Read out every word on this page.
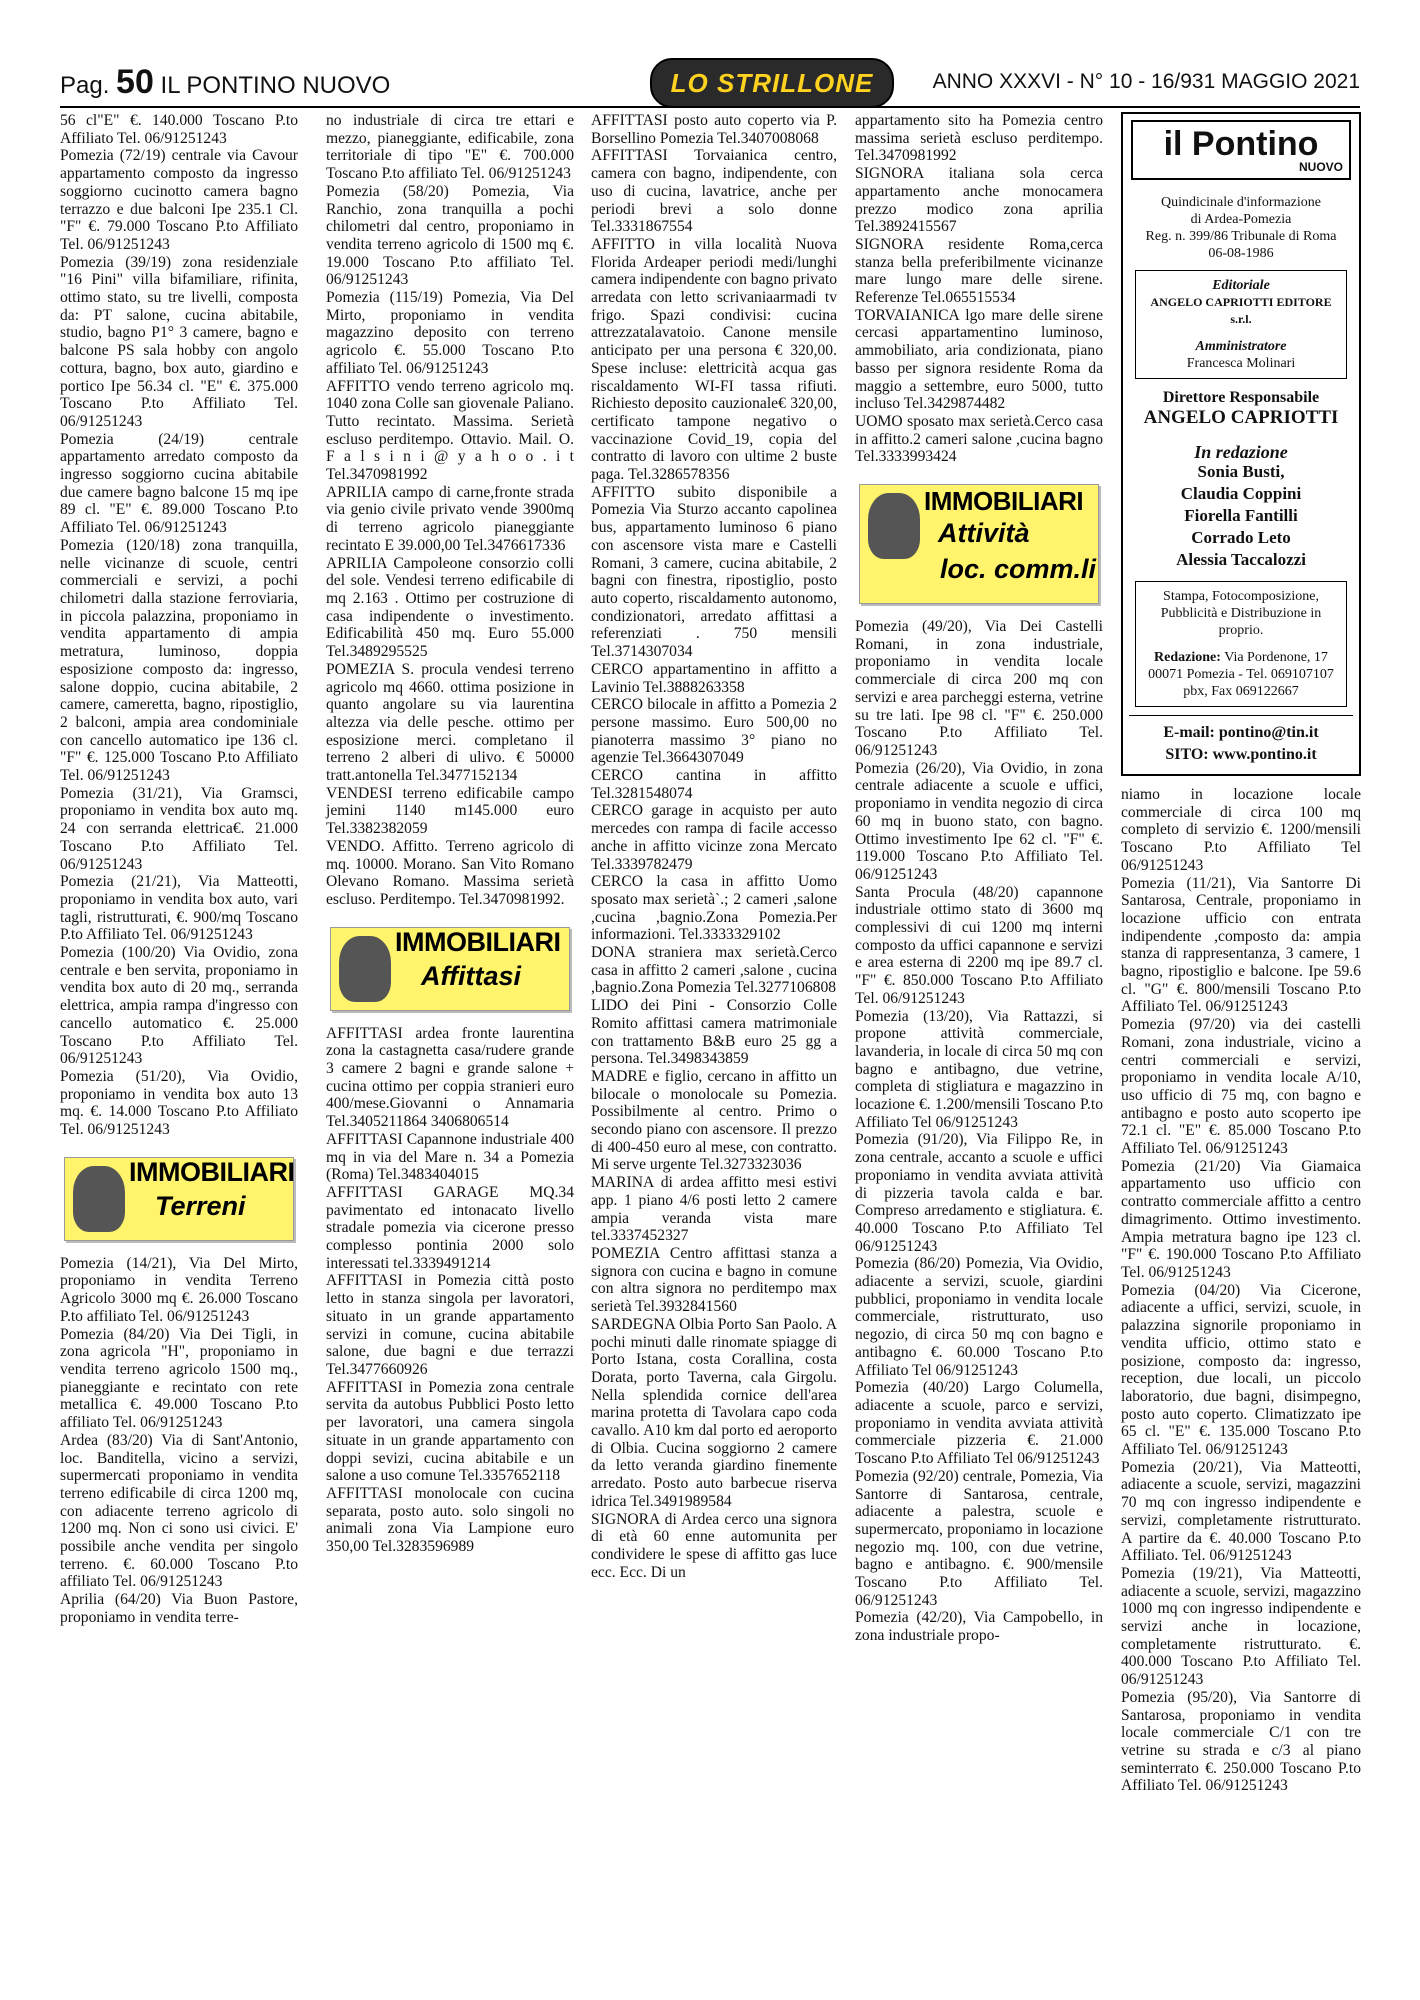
Pag. 50 IL PONTINO NUOVO	LO STRILLONE	ANNO XXXVI - N° 10 - 16/931 MAGGIO 2021

56 cl"E" €. 140.000 Toscano P.to Affiliato Tel. 06/91251243

Pomezia (72/19) centrale via Cavour appartamento composto da ingresso soggiorno cucinotto camera bagno terrazzo e due balconi Ipe 235.1 Cl. "F" €. 79.000 Toscano P.to Affiliato Tel. 06/91251243

Pomezia (39/19) zona residenziale "16 Pini" villa bifamiliare, rifinita, ottimo stato, su tre livelli, composta da: PT salone, cucina abitabile, studio, bagno P1° 3 camere, bagno e balcone PS sala hobby con angolo cottura, bagno, box auto, giardino e portico Ipe 56.34 cl. "E" €. 375.000 Toscano P.to Affiliato Tel. 06/91251243

Pomezia (24/19) centrale appartamento arredato composto da ingresso soggiorno cucina abitabile due camere bagno balcone 15 mq ipe 89 cl. "E" €. 89.000 Toscano P.to Affiliato Tel. 06/91251243

Pomezia (120/18) zona tranquilla, nelle vicinanze di scuole, centri commerciali e servizi, a pochi chilometri dalla stazione ferroviaria, in piccola palazzina, proponiamo in vendita appartamento di ampia metratura, luminoso, doppia esposizione composto da: ingresso, salone doppio, cucina abitabile, 2 camere, cameretta, bagno, ripostiglio, 2 balconi, ampia area condominiale con cancello automatico ipe 136 cl. "F" €. 125.000 Toscano P.to Affiliato Tel. 06/91251243

Pomezia (31/21), Via Gramsci, proponiamo in vendita box auto mq. 24 con serranda elettrica€. 21.000 Toscano P.to Affiliato Tel. 06/91251243

Pomezia (21/21), Via Matteotti, proponiamo in vendita box auto, vari tagli, ristrutturati, €. 900/mq Toscano P.to Affiliato Tel. 06/91251243

Pomezia (100/20) Via Ovidio, zona centrale e ben servita, proponiamo in vendita box auto di 20 mq., serranda elettrica, ampia rampa d'ingresso con cancello automatico €. 25.000 Toscano P.to Affiliato Tel. 06/91251243

Pomezia (51/20), Via Ovidio, proponiamo in vendita box auto 13 mq. €. 14.000 Toscano P.to Affiliato Tel. 06/91251243

IMMOBILIARI
Terreni

Pomezia (14/21), Via Del Mirto, proponiamo in vendita Terreno Agricolo 3000 mq €. 26.000 Toscano P.to affiliato Tel. 06/91251243

Pomezia (84/20) Via Dei Tigli, in zona agricola "H", proponiamo in vendita terreno agricolo 1500 mq., pianeggiante e recintato con rete metallica €. 49.000 Toscano P.to affiliato Tel. 06/91251243

Ardea (83/20) Via di Sant'Antonio, loc. Banditella, vicino a servizi, supermercati proponiamo in vendita terreno edificabile di circa 1200 mq, con adiacente terreno agricolo di 1200 mq. Non ci sono usi civici. E' possibile anche vendita per singolo terreno. €. 60.000 Toscano P.to affiliato Tel. 06/91251243

Aprilia (64/20) Via Buon Pastore, proponiamo in vendita terre-

no industriale di circa tre ettari e mezzo, pianeggiante, edificabile, zona territoriale di tipo "E" €. 700.000 Toscano P.to affiliato Tel. 06/91251243

Pomezia (58/20) Pomezia, Via Ranchio, zona tranquilla a pochi chilometri dal centro, proponiamo in vendita terreno agricolo di 1500 mq €. 19.000 Toscano P.to affiliato Tel. 06/91251243

Pomezia (115/19) Pomezia, Via Del Mirto, proponiamo in vendita magazzino deposito con terreno agricolo €. 55.000 Toscano P.to affiliato Tel. 06/91251243

AFFITTO vendo terreno agricolo mq. 1040 zona Colle san giovenale Paliano. Tutto recintato. Massima. Serietà escluso perditempo. Ottavio. Mail. O. F a l s i n i @ y a h o o . i t Tel.3470981992

APRILIA campo di carne,fronte strada via genio civile privato vende 3900mq di terreno agricolo pianeggiante recintato E 39.000,00 Tel.3476617336

APRILIA Campoleone consorzio colli del sole. Vendesi terreno edificabile di mq 2.163 . Ottimo per costruzione di casa indipendente o investimento. Edificabilità 450 mq. Euro 55.000 Tel.3489295525

POMEZIA S. procula vendesi terreno agricolo mq 4660. ottima posizione in quanto angolare su via laurentina altezza via delle pesche. ottimo per esposizione merci. completano il terreno 2 alberi di ulivo. € 50000 tratt.antonella Tel.3477152134

VENDESI terreno edificabile campo jemini 1140 m145.000 euro Tel.3382382059

VENDO. Affitto. Terreno agricolo di mq. 10000. Morano. San Vito Romano Olevano Romano. Massima serietà escluso. Perditempo. Tel.3470981992.

IMMOBILIARI
Affittasi

AFFITTASI ardea fronte laurentina zona la castagnetta casa/rudere grande 3 camere 2 bagni e grande salone + cucina ottimo per coppia stranieri euro 400/mese.Giovanni o Annamaria Tel.3405211864 3406806514

AFFITTASI Capannone industriale 400 mq in via del Mare n. 34 a Pomezia (Roma) Tel.3483404015

AFFITTASI GARAGE MQ.34 pavimentato ed intonacato livello stradale pomezia via cicerone presso complesso pontinia 2000 solo interessati tel.3339491214

AFFITTASI in Pomezia città posto letto in stanza singola per lavoratori, situato in un grande appartamento servizi in comune, cucina abitabile salone, due bagni e due terrazzi Tel.3477660926

AFFITTASI in Pomezia zona centrale servita da autobus Pubblici Posto letto per lavoratori, una camera singola situate in un grande appartamento con doppi sevizi, cucina abitabile e un salone a uso comune Tel.3357652118

AFFITTASI monolocale con cucina separata, posto auto. solo singoli no animali zona Via Lampione euro 350,00 Tel.3283596989

AFFITTASI posto auto coperto via P. Borsellino Pomezia Tel.3407008068

AFFITTASI Torvaianica centro, camera con bagno, indipendente, con uso di cucina, lavatrice, anche per periodi brevi a solo donne Tel.3331867554

AFFITTO in villa località Nuova Florida Ardeaper periodi medi/lunghi camera indipendente con bagno privato arredata con letto scrivaniaarmadi tv frigo. Spazi condivisi: cucina attrezzatalavatoio. Canone mensile anticipato per una persona € 320,00. Spese incluse: elettricità acqua gas riscaldamento WI-FI tassa rifiuti. Richiesto deposito cauzionale€ 320,00, certificato tampone negativo o vaccinazione Covid_19, copia del contratto di lavoro con ultime 2 buste paga. Tel.3286578356

AFFITTO subito disponibile a Pomezia Via Sturzo accanto capolinea bus, appartamento luminoso 6 piano con ascensore vista mare e Castelli Romani, 3 camere, cucina abitabile, 2 bagni con finestra, ripostiglio, posto auto coperto, riscaldamento autonomo, condizionatori, arredato affittasi a referenziati . 750 mensili Tel.3714307034

CERCO appartamentino in affitto a Lavinio Tel.3888263358

CERCO bilocale in affitto a Pomezia 2 persone massimo. Euro 500,00 no pianoterra massimo 3° piano no agenzie Tel.3664307049

CERCO cantina in affitto Tel.3281548074

CERCO garage in acquisto per auto mercedes con rampa di facile accesso anche in affitto vicinze zona Mercato Tel.3339782479

CERCO la casa in affitto Uomo sposato max serietà`.; 2 cameri ,salone ,cucina ,bagnio.Zona Pomezia.Per informazioni. Tel.3333329102

DONA straniera max serietà.Cerco casa in affitto 2 cameri ,salone , cucina ,bagnio.Zona Pomezia Tel.3277106808

LIDO dei Pini - Consorzio Colle Romito affittasi camera matrimoniale con trattamento B&B euro 25 gg a persona. Tel.3498343859

MADRE e figlio, cercano in affitto un bilocale o monolocale su Pomezia. Possibilmente al centro. Primo o secondo piano con ascensore. Il prezzo di 400-450 euro al mese, con contratto. Mi serve urgente Tel.3273323036

MARINA di ardea affitto mesi estivi app. 1 piano 4/6 posti letto 2 camere ampia veranda vista mare tel.3337452327

POMEZIA Centro affittasi stanza a signora con cucina e bagno in comune con altra signora no perditempo max serietà Tel.3932841560

SARDEGNA Olbia Porto San Paolo. A pochi minuti dalle rinomate spiagge di Porto Istana, costa Corallina, costa Dorata, porto Taverna, cala Girgolu. Nella splendida cornice dell'area marina protetta di Tavolara capo coda cavallo. A10 km dal porto ed aeroporto di Olbia. Cucina soggiorno 2 camere da letto veranda giardino finemente arredato. Posto auto barbecue riserva idrica Tel.3491989584

SIGNORA di Ardea cerco una signora di età 60 enne automunita per condividere le spese di affitto gas luce ecc. Ecc. Di un

appartamento sito ha Pomezia centro massima serietà escluso perditempo. Tel.3470981992

SIGNORA italiana sola cerca appartamento anche monocamera prezzo modico zona aprilia Tel.3892415567

SIGNORA residente Roma,cerca stanza bella preferibilmente vicinanze mare lungo mare delle sirene. Referenze Tel.065515534

TORVAIANICA lgo mare delle sirene cercasi appartamentino luminoso, ammobiliato, aria condizionata, piano basso per signora residente Roma da maggio a settembre, euro 5000, tutto incluso Tel.3429874482

UOMO sposato max serietà.Cerco casa in affitto.2 cameri salone ,cucina bagno Tel.3333993424

IMMOBILIARI
Attività
loc. comm.li

Pomezia (49/20), Via Dei Castelli Romani, in zona industriale, proponiamo in vendita locale commerciale di circa 200 mq con servizi e area parcheggi esterna, vetrine su tre lati. Ipe 98 cl. "F" €. 250.000 Toscano P.to Affiliato Tel. 06/91251243

Pomezia (26/20), Via Ovidio, in zona centrale adiacente a scuole e uffici, proponiamo in vendita negozio di circa 60 mq in buono stato, con bagno. Ottimo investimento Ipe 62 cl. "F" €. 119.000 Toscano P.to Affiliato Tel. 06/91251243

Santa Procula (48/20) capannone industriale ottimo stato di 3600 mq complessivi di cui 1200 mq interni composto da uffici capannone e servizi e area esterna di 2200 mq ipe 89.7 cl. "F" €. 850.000 Toscano P.to Affiliato Tel. 06/91251243

Pomezia (13/20), Via Rattazzi, si propone attività commerciale, lavanderia, in locale di circa 50 mq con bagno e antibagno, due vetrine, completa di stigliatura e magazzino in locazione €. 1.200/mensili Toscano P.to Affiliato Tel 06/91251243

Pomezia (91/20), Via Filippo Re, in zona centrale, accanto a scuole e uffici proponiamo in vendita avviata attività di pizzeria tavola calda e bar. Compreso arredamento e stigliatura. €. 40.000 Toscano P.to Affiliato Tel 06/91251243

Pomezia (86/20) Pomezia, Via Ovidio, adiacente a servizi, scuole, giardini pubblici, proponiamo in vendita locale commerciale, ristrutturato, uso negozio, di circa 50 mq con bagno e antibagno €. 60.000 Toscano P.to Affiliato Tel 06/91251243

Pomezia (40/20) Largo Columella, adiacente a scuole, parco e servizi, proponiamo in vendita avviata attività commerciale pizzeria €. 21.000 Toscano P.to Affiliato Tel 06/91251243

Pomezia (92/20) centrale, Pomezia, Via Santorre di Santarosa, centrale, adiacente a palestra, scuole e supermercato, proponiamo in locazione negozio mq. 100, con due vetrine, bagno e antibagno. €. 900/mensile Toscano P.to Affiliato Tel. 06/91251243

Pomezia (42/20), Via Campobello, in zona industriale propo-

il Pontino
NUOVO
Quindicinale d'informazione
di Ardea-Pomezia
Reg. n. 399/86 Tribunale di Roma
06-08-1986
Editoriale
ANGELO CAPRIOTTI EDITORE s.r.l.
Amministratore
Francesca Molinari
Direttore Responsabile
ANGELO CAPRIOTTI
In redazione
Sonia Busti,
Claudia Coppini
Fiorella Fantilli
Corrado Leto
Alessia Taccalozzi
Stampa, Fotocomposizione, Pubblicità e Distribuzione in proprio.
Redazione: Via Pordenone, 17 00071 Pomezia - Tel. 069107107 pbx, Fax 069122667
E-mail: pontino@tin.it
SITO: www.pontino.it

niamo in locazione locale commerciale di circa 100 mq completo di servizio €. 1200/mensili Toscano P.to Affiliato Tel 06/91251243

Pomezia (11/21), Via Santorre Di Santarosa, Centrale, proponiamo in locazione ufficio con entrata indipendente ,composto da: ampia stanza di rappresentanza, 3 camere, 1 bagno, ripostiglio e balcone. Ipe 59.6 cl. "G" €. 800/mensili Toscano P.to Affiliato Tel. 06/91251243

Pomezia (97/20) via dei castelli Romani, zona industriale, vicino a centri commerciali e servizi, proponiamo in vendita locale A/10, uso ufficio di 75 mq, con bagno e antibagno e posto auto scoperto ipe 72.1 cl. "E" €. 85.000 Toscano P.to Affiliato Tel. 06/91251243

Pomezia (21/20) Via Giamaica appartamento uso ufficio con contratto commerciale affitto a centro dimagrimento. Ottimo investimento. Ampia metratura bagno ipe 123 cl. "F" €. 190.000 Toscano P.to Affiliato Tel. 06/91251243

Pomezia (04/20) Via Cicerone, adiacente a uffici, servizi, scuole, in palazzina signorile proponiamo in vendita ufficio, ottimo stato e posizione, composto da: ingresso, reception, due locali, un piccolo laboratorio, due bagni, disimpegno, posto auto coperto. Climatizzato ipe 65 cl. "E" €. 135.000 Toscano P.to Affiliato Tel. 06/91251243

Pomezia (20/21), Via Matteotti, adiacente a scuole, servizi, magazzini 70 mq con ingresso indipendente e servizi, completamente ristrutturato. A partire da €. 40.000 Toscano P.to Affiliato. Tel. 06/91251243

Pomezia (19/21), Via Matteotti, adiacente a scuole, servizi, magazzino 1000 mq con ingresso indipendente e servizi anche in locazione, completamente ristrutturato. €. 400.000 Toscano P.to Affiliato Tel. 06/91251243

Pomezia (95/20), Via Santorre di Santarosa, proponiamo in vendita locale commerciale C/1 con tre vetrine su strada e c/3 al piano seminterrato €. 250.000 Toscano P.to Affiliato Tel. 06/91251243
